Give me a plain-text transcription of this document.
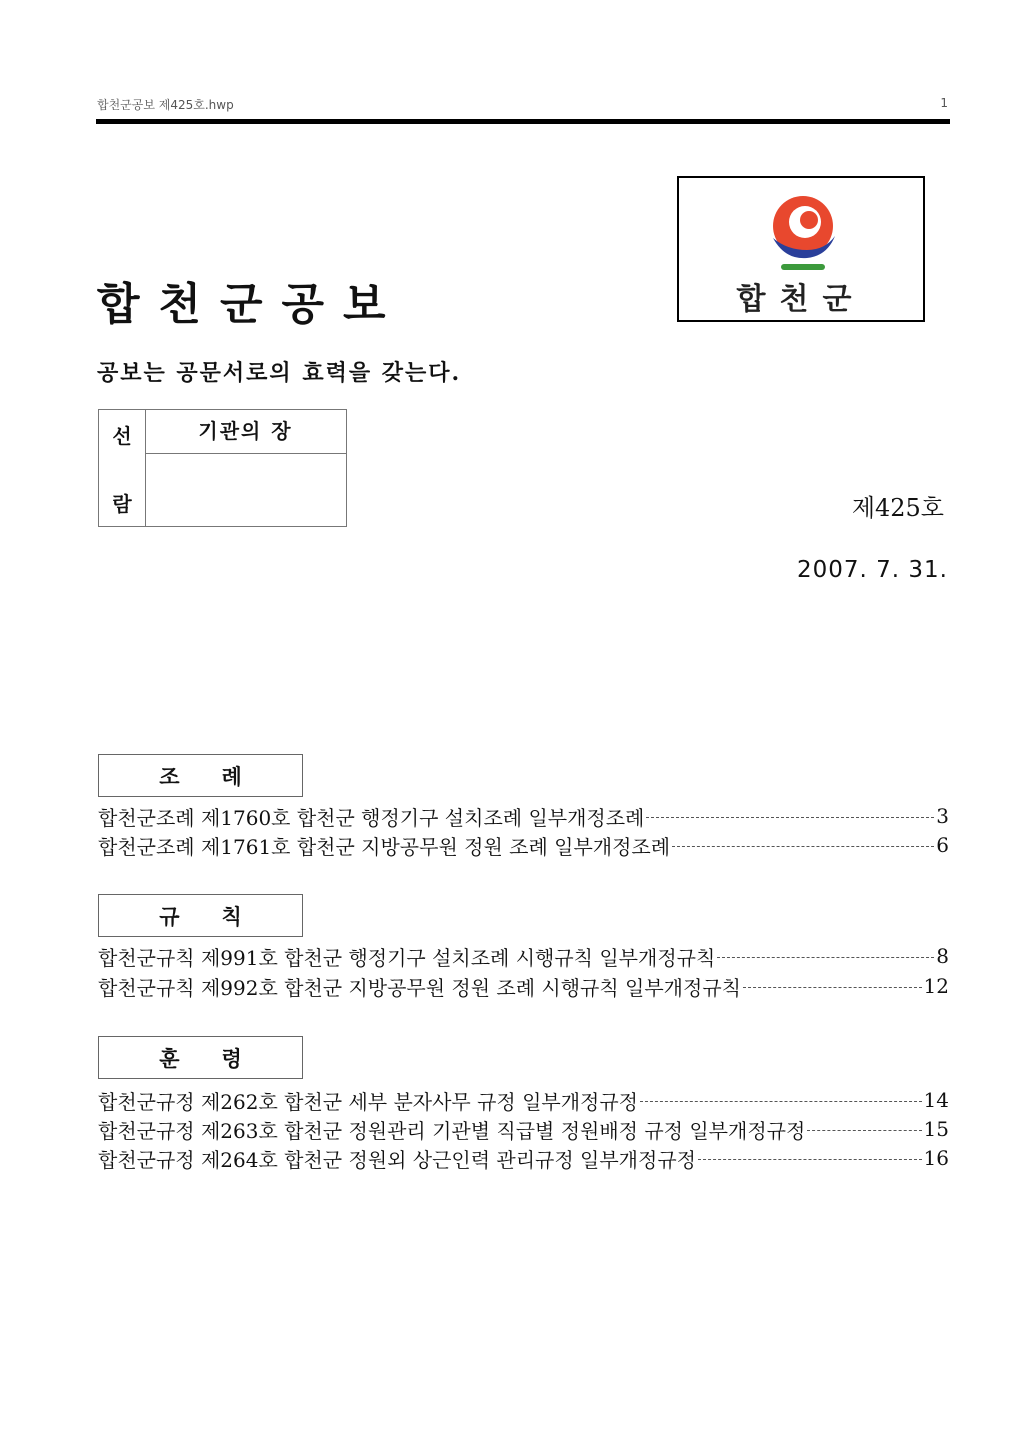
합천군공보 제425호.hwp	1
합천군공보
공보는 공문서로의 효력을 갖는다.
합천군
선
람
기관의 장
제425호
2007. 7. 31.
조례
합천군조례 제1760호 합천군 행정기구 설치조례 일부개정조례	3
합천군조례 제1761호 합천군 지방공무원 정원 조례 일부개정조례	6
규칙
합천군규칙 제991호 합천군 행정기구 설치조례 시행규칙 일부개정규칙	8
합천군규칙 제992호 합천군 지방공무원 정원 조례 시행규칙 일부개정규칙	12
훈령
합천군규정 제262호 합천군 세부 분자사무 규정 일부개정규정	14
합천군규정 제263호 합천군 정원관리 기관별 직급별 정원배정 규정 일부개정규정	15
합천군규정 제264호 합천군 정원외 상근인력 관리규정 일부개정규정	16
